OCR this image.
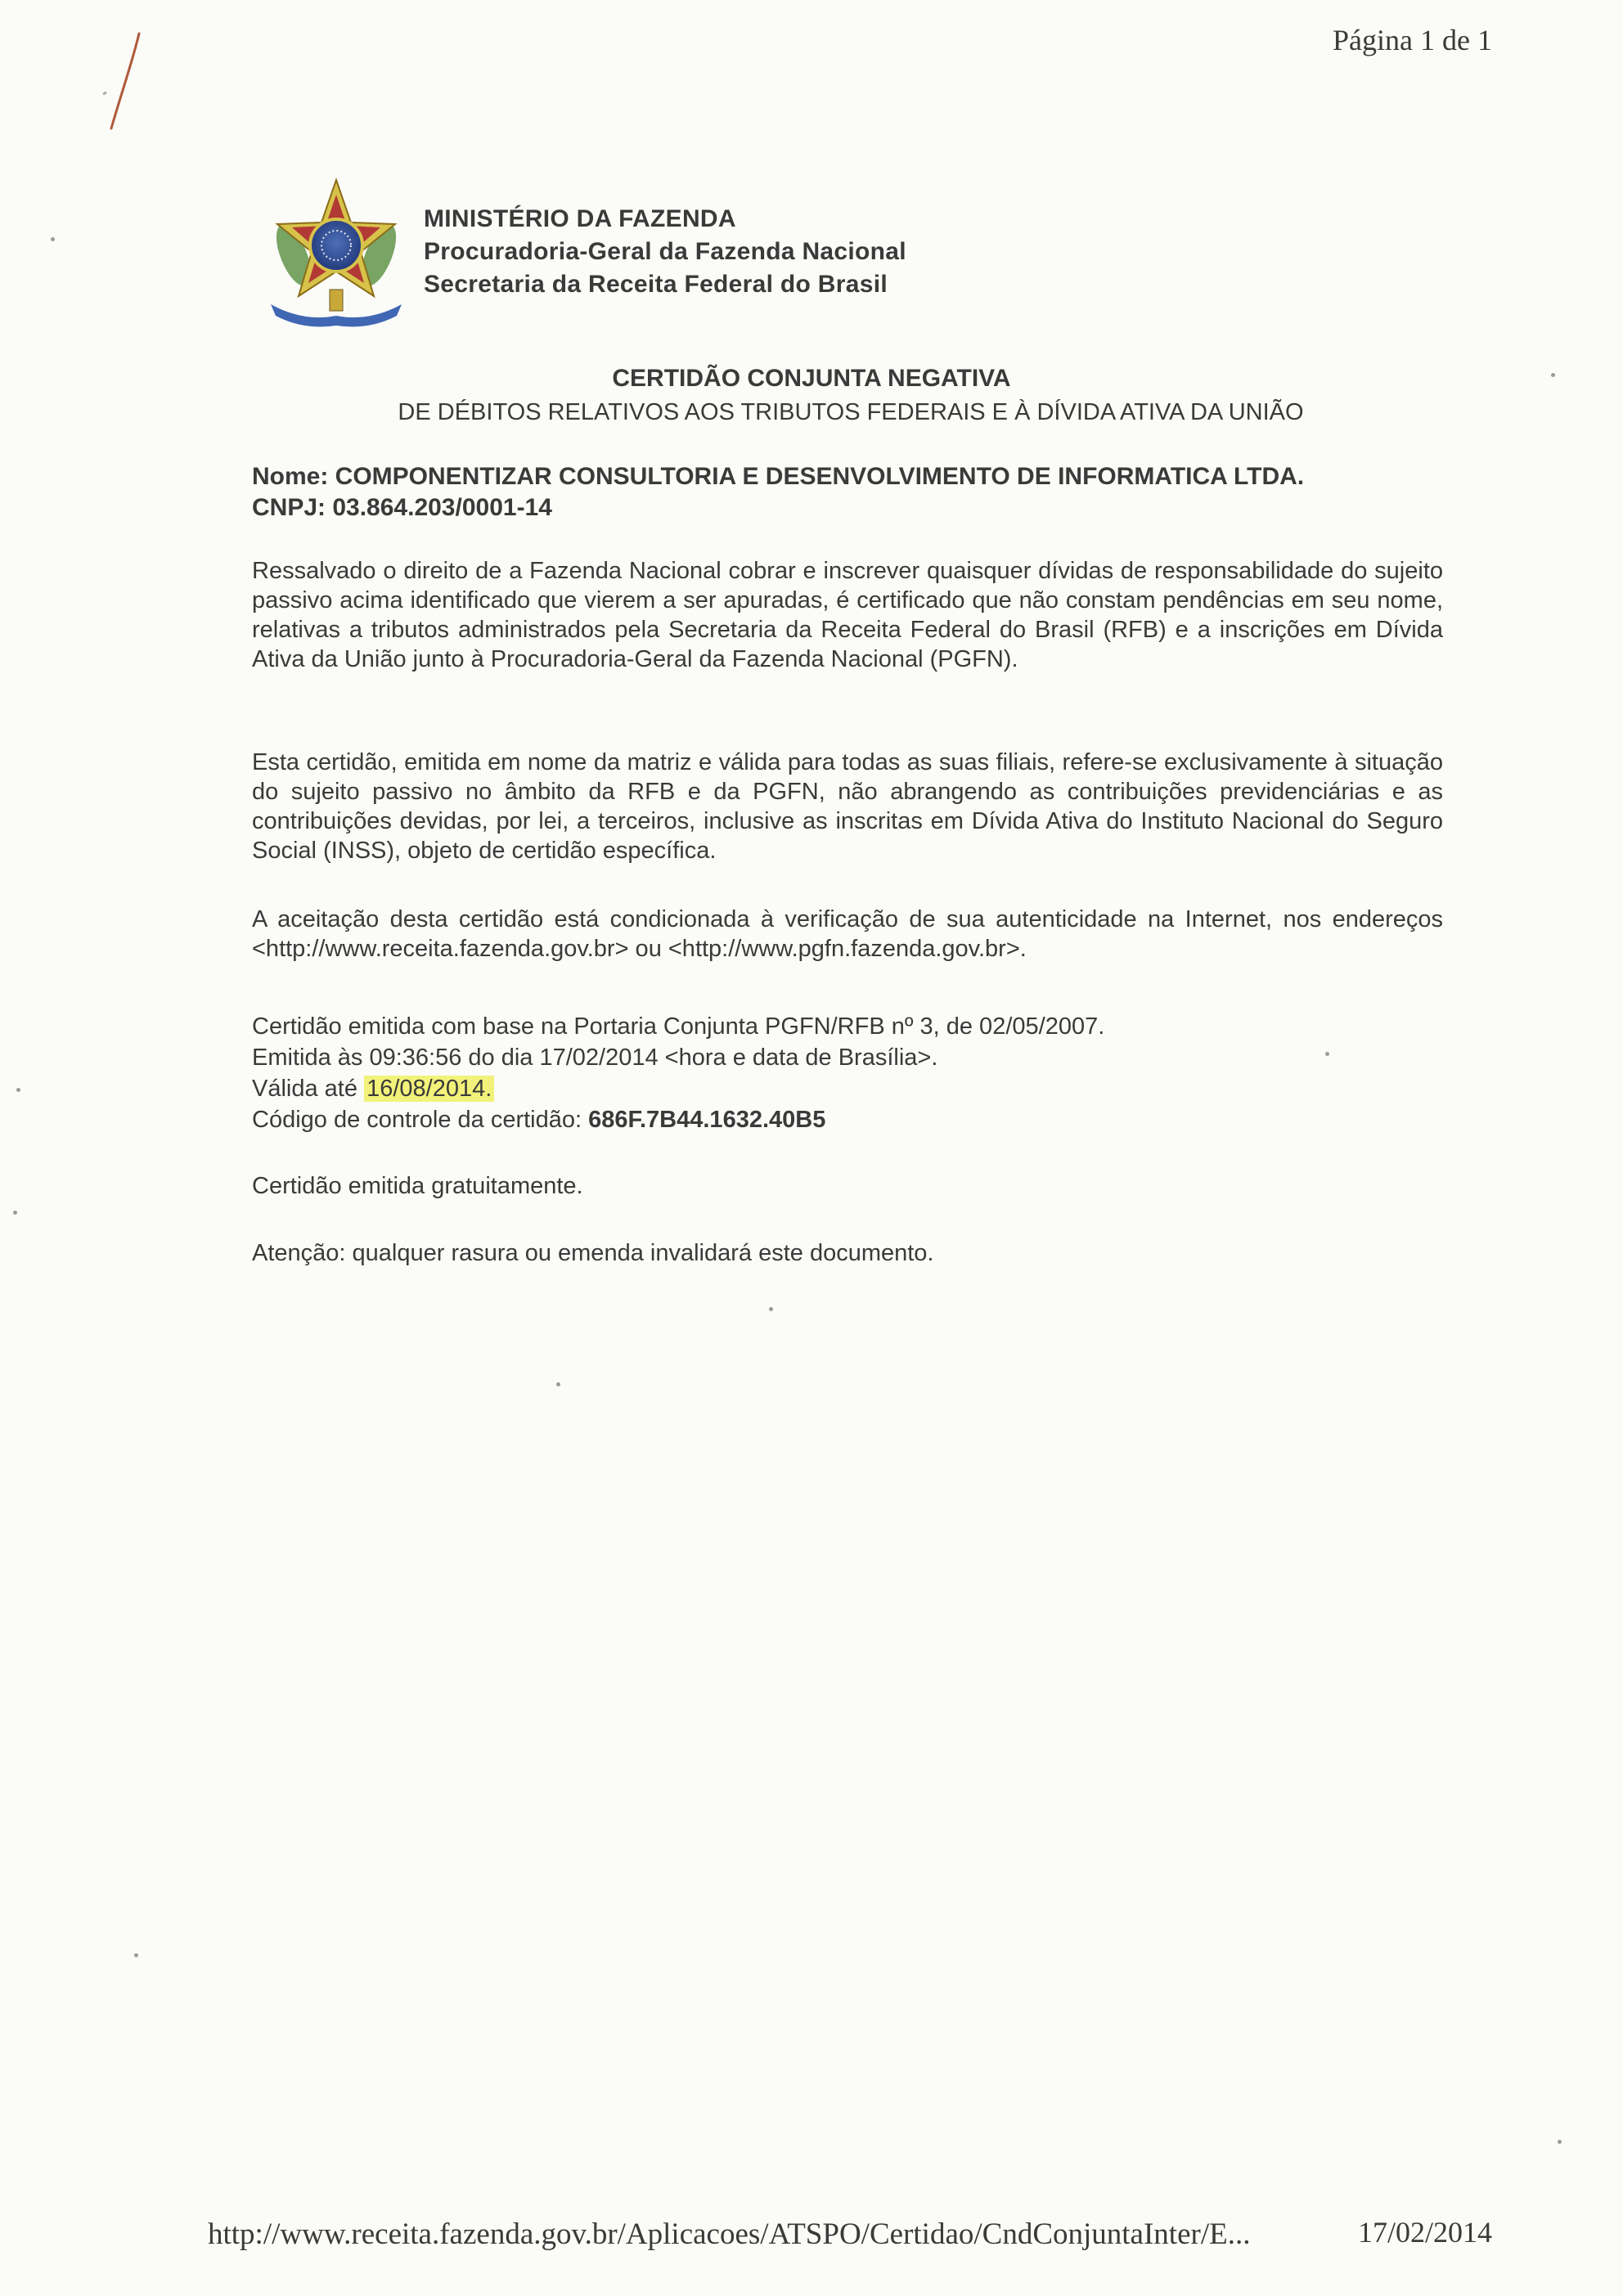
Página 1 de 1
MINISTÉRIO DA FAZENDA
Procuradoria-Geral da Fazenda Nacional
Secretaria da Receita Federal do Brasil
CERTIDÃO CONJUNTA NEGATIVA
DE DÉBITOS RELATIVOS AOS TRIBUTOS FEDERAIS E À DÍVIDA ATIVA DA UNIÃO
Nome: COMPONENTIZAR CONSULTORIA E DESENVOLVIMENTO DE INFORMATICA LTDA.
CNPJ: 03.864.203/0001-14
Ressalvado o direito de a Fazenda Nacional cobrar e inscrever quaisquer dívidas de responsabilidade do sujeito passivo acima identificado que vierem a ser apuradas, é certificado que não constam pendências em seu nome, relativas a tributos administrados pela Secretaria da Receita Federal do Brasil (RFB) e a inscrições em Dívida Ativa da União junto à Procuradoria-Geral da Fazenda Nacional (PGFN).
Esta certidão, emitida em nome da matriz e válida para todas as suas filiais, refere-se exclusivamente à situação do sujeito passivo no âmbito da RFB e da PGFN, não abrangendo as contribuições previdenciárias e as contribuições devidas, por lei, a terceiros, inclusive as inscritas em Dívida Ativa do Instituto Nacional do Seguro Social (INSS), objeto de certidão específica.
A aceitação desta certidão está condicionada à verificação de sua autenticidade na Internet, nos endereços <http://www.receita.fazenda.gov.br> ou <http://www.pgfn.fazenda.gov.br>.
Certidão emitida com base na Portaria Conjunta PGFN/RFB nº 3, de 02/05/2007.
Emitida às 09:36:56 do dia 17/02/2014 <hora e data de Brasília>.
Válida até 16/08/2014.
Código de controle da certidão: 686F.7B44.1632.40B5
Certidão emitida gratuitamente.
Atenção: qualquer rasura ou emenda invalidará este documento.
http://www.receita.fazenda.gov.br/Aplicacoes/ATSPO/Certidao/CndConjuntaInter/E...	17/02/2014
